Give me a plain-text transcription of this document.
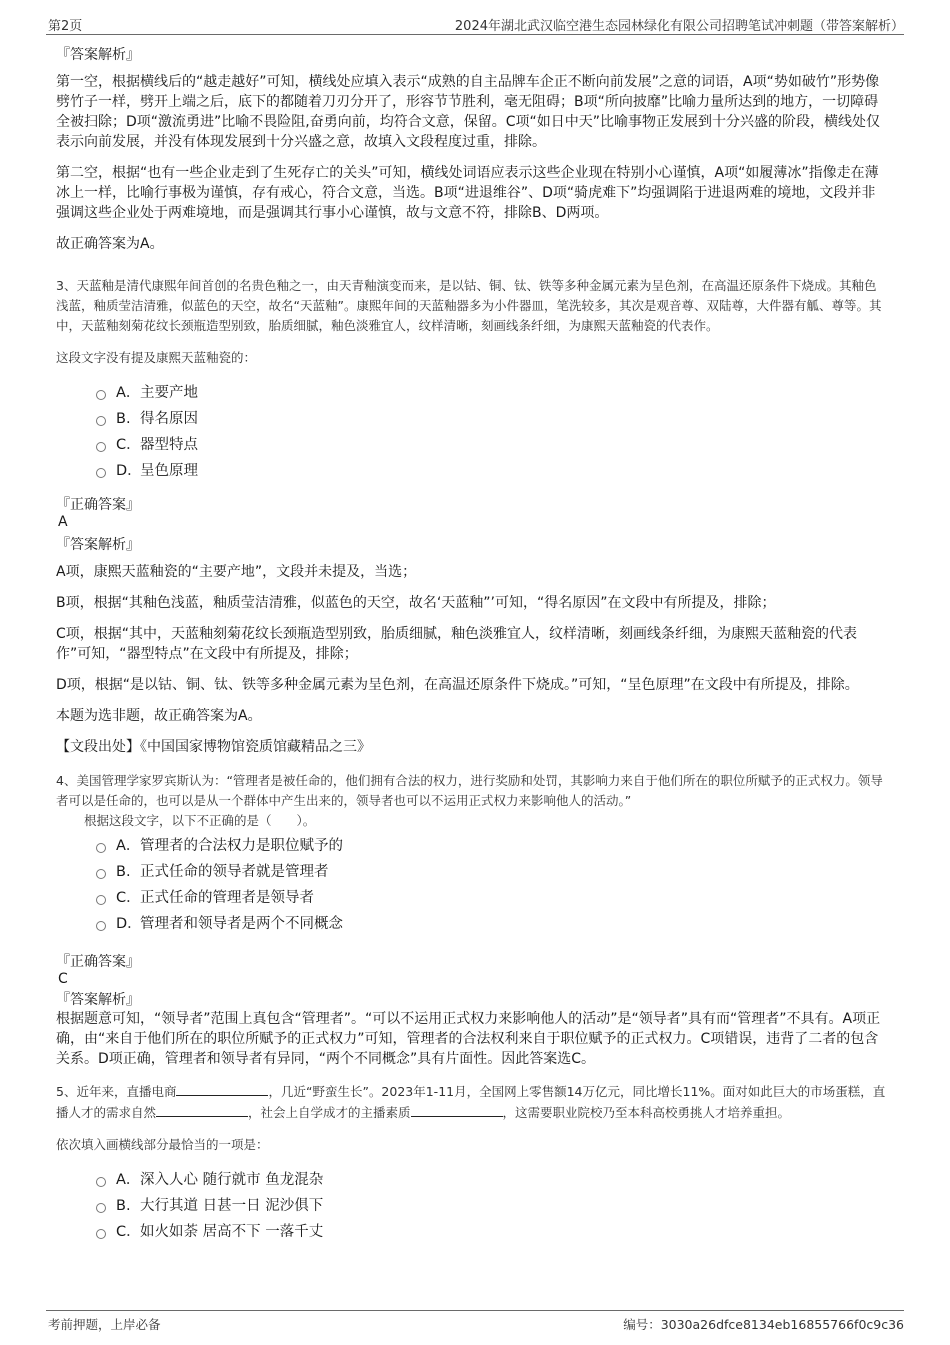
第2页	2024年湖北武汉临空港生态园林绿化有限公司招聘笔试冲刺题（带答案解析）
『答案解析』

第一空，根据横线后的“越走越好”可知，横线处应填入表示“成熟的自主品牌车企正不断向前发展”之意的词语，A项“势如破竹”形势像劈竹子一样，劈开上端之后，底下的都随着刀刃分开了，形容节节胜利，毫无阻碍；B项“所向披靡”比喻力量所达到的地方，一切障碍全被扫除；D项“激流勇进”比喻不畏险阻,奋勇向前，均符合文意，保留。C项“如日中天”比喻事物正发展到十分兴盛的阶段，横线处仅表示向前发展，并没有体现发展到十分兴盛之意，故填入文段程度过重，排除。

第二空，根据“也有一些企业走到了生死存亡的关头”可知，横线处词语应表示这些企业现在特别小心谨慎，A项“如履薄冰”指像走在薄冰上一样，比喻行事极为谨慎，存有戒心，符合文意，当选。B项“进退维谷”、D项“骑虎难下”均强调陷于进退两难的境地，文段并非强调这些企业处于两难境地，而是强调其行事小心谨慎，故与文意不符，排除B、D两项。

故正确答案为A。

3、天蓝釉是清代康熙年间首创的名贵色釉之一，由天青釉演变而来，是以钴、铜、钛、铁等多种金属元素为呈色剂，在高温还原条件下烧成。其釉色浅蓝，釉质莹洁清雅，似蓝色的天空，故名“天蓝釉”。康熙年间的天蓝釉器多为小件器皿，笔洗较多，其次是观音尊、双陆尊，大件器有觚、尊等。其中，天蓝釉刻菊花纹长颈瓶造型别致，胎质细腻，釉色淡雅宜人，纹样清晰，刻画线条纤细，为康熙天蓝釉瓷的代表作。

这段文字没有提及康熙天蓝釉瓷的：

A． 主要产地
B. 得名原因
C． 器型特点
D．
呈色原理
『正确答案』
A
『答案解析』

A项，康熙天蓝釉瓷的“主要产地”，文段并未提及，当选；

B项，根据“其釉色浅蓝，釉质莹洁清雅，似蓝色的天空，故名‘天蓝釉”’可知，“得名原因”在文段中有所提及，排除；

C项，根据“其中，天蓝釉刻菊花纹长颈瓶造型别致，胎质细腻，釉色淡雅宜人，纹样清晰，刻画线条纤细，为康熙天蓝釉瓷的代表作”可知，“器型特点”在文段中有所提及，排除；

D项，根据“是以钴、铜、钛、铁等多种金属元素为呈色剂，在高温还原条件下烧成。”可知，“呈色原理”在文段中有所提及，排除。

本题为选非题，故正确答案为A。

【文段出处】《中国国家博物馆瓷质馆藏精品之三》

4、美国管理学家罗宾斯认为：“管理者是被任命的，他们拥有合法的权力，进行奖励和处罚，其影响力来自于他们所在的职位所赋予的正式权力。领导者可以是任命的，也可以是从一个群体中产生出来的，领导者也可以不运用正式权力来影响他人的活动。”

根据这段文字，以下不正确的是（　　）。

A． 管理者的合法权力是职位赋予的
B. 正式任命的领导者就是管理者
C． 正式任命的管理者是领导者
D．
管理者和领导者是两个不同概念
『正确答案』
C
『答案解析』

根据题意可知，“领导者”范围上真包含“管理者”。“可以不运用正式权力来影响他人的活动”是“领导者”具有而“管理者”不具有。A项正确，由“来自于他们所在的职位所赋予的正式权力”可知，管理者的合法权利来自于职位赋予的正式权力。C项错误，违背了二者的包含关系。D项正确，管理者和领导者有异同，“两个不同概念”具有片面性。因此答案选C。

5、近年来，直播电商	，几近“野蛮生长”。2023年1-11月，全国网上零售额14万亿元，同比增长11%。面对如此巨大的市场蛋糕，直播人才的需求自然	，社会上自学成才的主播素质	，这需要职业院校乃至本科高校勇挑人才培养重担。

依次填入画横线部分最恰当的一项是：

A． 深入人心 随行就市 鱼龙混杂
B. 大行其道 日甚一日 泥沙俱下
C． 如火如荼 居高不下 一落千丈
考前押题，上岸必备	编号：3030a26dfce8134eb16855766f0c9c36
